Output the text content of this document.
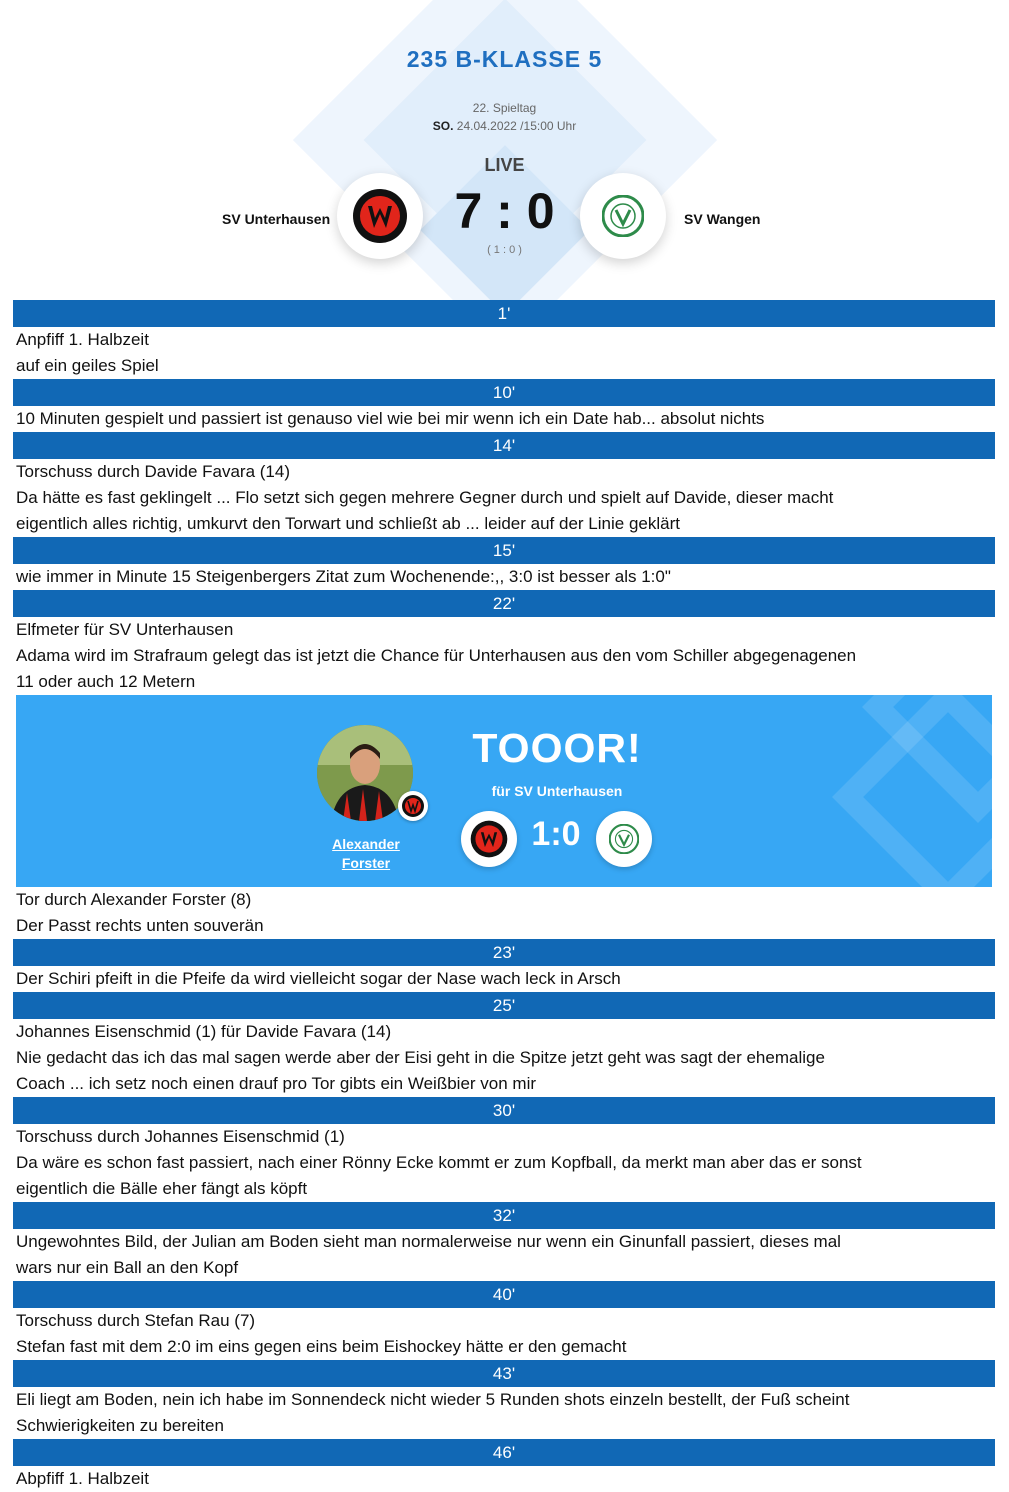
235 B-KLASSE 5
22. Spieltag
SO. 24.04.2022 /15:00 Uhr
LIVE
7 : 0
( 1 : 0 )
SV Unterhausen	SV Wangen
1'
Anpfiff 1. Halbzeit
auf ein geiles Spiel
10'
10 Minuten gespielt und passiert ist genauso viel wie bei mir wenn ich ein Date hab... absolut nichts
14'
Torschuss durch Davide Favara (14)
Da hätte es fast geklingelt ... Flo setzt sich gegen mehrere Gegner durch und spielt auf Davide, dieser macht
eigentlich alles richtig, umkurvt den Torwart und schließt ab ... leider auf der Linie geklärt
15'
wie immer in Minute 15 Steigenbergers Zitat zum Wochenende:,, 3:0 ist besser als 1:0"
22'
Elfmeter für SV Unterhausen
Adama wird im Strafraum gelegt das ist jetzt die Chance für Unterhausen aus den vom Schiller abgegenagenen
11 oder auch 12 Metern
Alexander
Forster
TOOOR!
für SV Unterhausen
1:0
Tor durch Alexander Forster (8)
Der Passt rechts unten souverän
23'
Der Schiri pfeift in die Pfeife da wird vielleicht sogar der Nase wach leck in Arsch
25'
Johannes Eisenschmid (1) für Davide Favara (14)
Nie gedacht das ich das mal sagen werde aber der Eisi geht in die Spitze jetzt geht was sagt der ehemalige
Coach ... ich setz noch einen drauf pro Tor gibts ein Weißbier von mir
30'
Torschuss durch Johannes Eisenschmid (1)
Da wäre es schon fast passiert, nach einer Rönny Ecke kommt er zum Kopfball, da merkt man aber das er sonst
eigentlich die Bälle eher fängt als köpft
32'
Ungewohntes Bild, der Julian am Boden sieht man normalerweise nur wenn ein Ginunfall passiert, dieses mal
wars nur ein Ball an den Kopf
40'
Torschuss durch Stefan Rau (7)
Stefan fast mit dem 2:0 im eins gegen eins beim Eishockey hätte er den gemacht
43'
Eli liegt am Boden, nein ich habe im Sonnendeck nicht wieder 5 Runden shots einzeln bestellt, der Fuß scheint
Schwierigkeiten zu bereiten
46'
Abpfiff 1. Halbzeit
